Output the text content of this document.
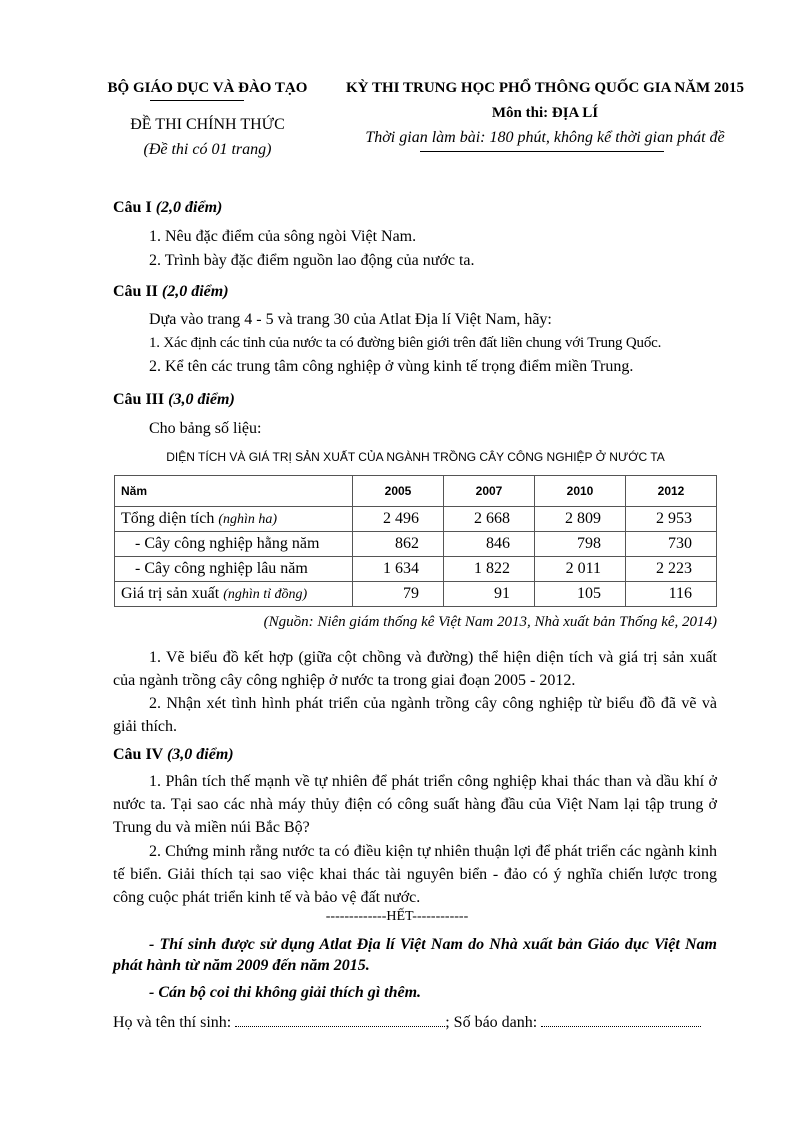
BỘ GIÁO DỤC VÀ ĐÀO TẠO
ĐỀ THI CHÍNH THỨC
(Đề thi có 01 trang)
KỲ THI TRUNG HỌC PHỔ THÔNG QUỐC GIA NĂM 2015
Môn thi: ĐỊA LÍ
Thời gian làm bài: 180 phút, không kể thời gian phát đề
Câu I (2,0 điểm)
1. Nêu đặc điểm của sông ngòi Việt Nam.
2. Trình bày đặc điểm nguồn lao động của nước ta.
Câu II (2,0 điểm)
Dựa vào trang 4 - 5 và trang 30 của Atlat Địa lí Việt Nam, hãy:
1. Xác định các tỉnh của nước ta có đường biên giới trên đất liền chung với Trung Quốc.
2. Kể tên các trung tâm công nghiệp ở vùng kinh tế trọng điểm miền Trung.
Câu III (3,0 điểm)
Cho bảng số liệu:
DIỆN TÍCH VÀ GIÁ TRỊ SẢN XUẤT CỦA NGÀNH TRỒNG CÂY CÔNG NGHIỆP Ở NƯỚC TA
Năm	2005	2007	2010	2012
Tổng diện tích (nghìn ha)	2 496	2 668	2 809	2 953
- Cây công nghiệp hằng năm	862	846	798	730
- Cây công nghiệp lâu năm	1 634	1 822	2 011	2 223
Giá trị sản xuất (nghìn tỉ đồng)	79	91	105	116
(Nguồn: Niên giám thống kê Việt Nam 2013, Nhà xuất bản Thống kê, 2014)
1. Vẽ biểu đồ kết hợp (giữa cột chồng và đường) thể hiện diện tích và giá trị sản xuất của ngành trồng cây công nghiệp ở nước ta trong giai đoạn 2005 - 2012.
2. Nhận xét tình hình phát triển của ngành trồng cây công nghiệp từ biểu đồ đã vẽ và giải thích.
Câu IV (3,0 điểm)
1. Phân tích thế mạnh về tự nhiên để phát triển công nghiệp khai thác than và dầu khí ở nước ta. Tại sao các nhà máy thủy điện có công suất hàng đầu của Việt Nam lại tập trung ở Trung du và miền núi Bắc Bộ?
2. Chứng minh rằng nước ta có điều kiện tự nhiên thuận lợi để phát triển các ngành kinh tế biển. Giải thích tại sao việc khai thác tài nguyên biển - đảo có ý nghĩa chiến lược trong công cuộc phát triển kinh tế và bảo vệ đất nước.
-------------HẾT------------
- Thí sinh được sử dụng Atlat Địa lí Việt Nam do Nhà xuất bản Giáo dục Việt Nam phát hành từ năm 2009 đến năm 2015.
- Cán bộ coi thi không giải thích gì thêm.
Họ và tên thí sinh:	; Số báo danh:
